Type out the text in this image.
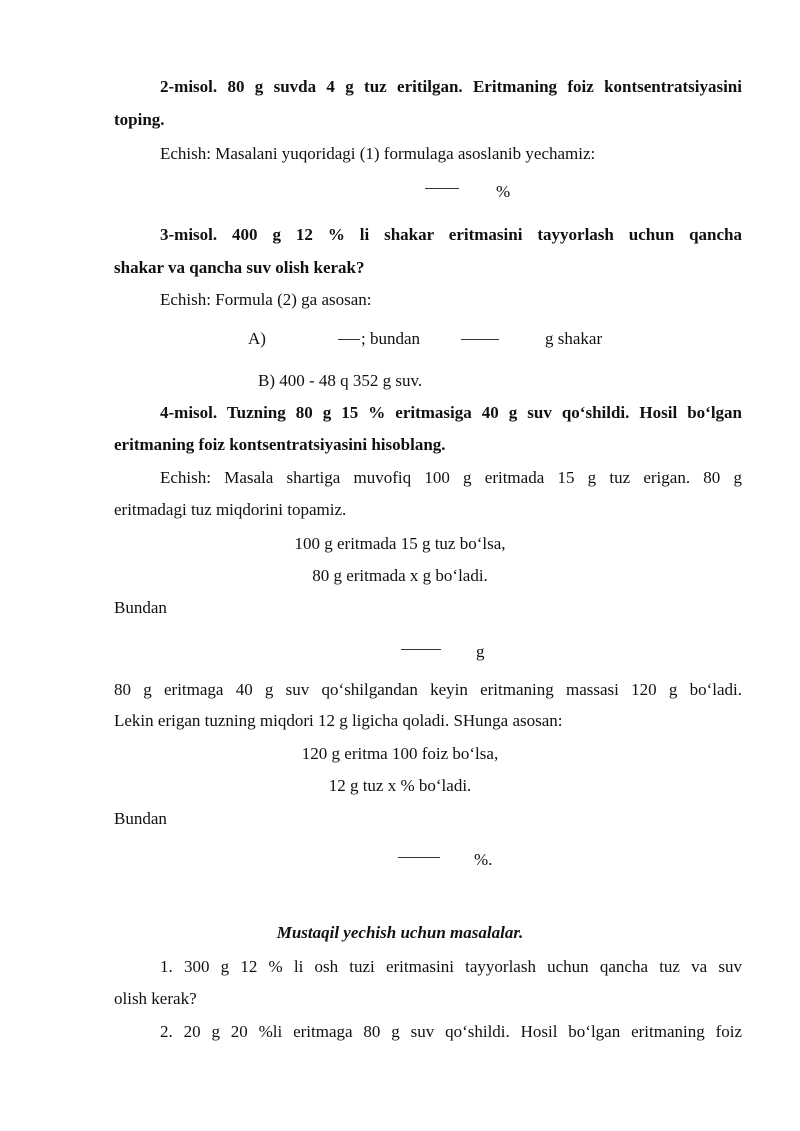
2-misol. 80 g suvda 4 g tuz eritilgan. Eritmaning foiz kontsentratsiyasini
toping.
Echish: Masalani yuqoridagi (1) formulaga asoslanib yechamiz:
%
3-misol. 400 g 12 % li shakar eritmasini tayyorlash uchun qancha
shakar va qancha suv olish kerak?
Echish: Formula (2) ga asosan:
A)	; bundan	g shakar
B) 400 - 48 q 352 g suv.
4-misol. Tuzning 80 g 15 % eritmasiga 40 g suv qo‘shildi. Hosil bo‘lgan
eritmaning foiz kontsentratsiyasini hisoblang.
Echish: Masala shartiga muvofiq 100 g eritmada 15 g tuz erigan. 80 g
eritmadagi tuz miqdorini topamiz.
100 g eritmada 15 g tuz bo‘lsa,
80 g eritmada x g bo‘ladi.
Bundan
g
80 g eritmaga 40 g suv qo‘shilgandan keyin eritmaning massasi 120 g bo‘ladi.
Lekin erigan tuzning miqdori 12 g ligicha qoladi. SHunga asosan:
120 g eritma 100 foiz bo‘lsa,
12 g tuz x % bo‘ladi.
Bundan
%.
Mustaqil yechish uchun masalalar.
1. 300 g 12 % li osh tuzi eritmasini tayyorlash uchun qancha tuz va suv
olish kerak?
2. 20 g 20 %li eritmaga 80 g suv qo‘shildi. Hosil bo‘lgan eritmaning foiz
